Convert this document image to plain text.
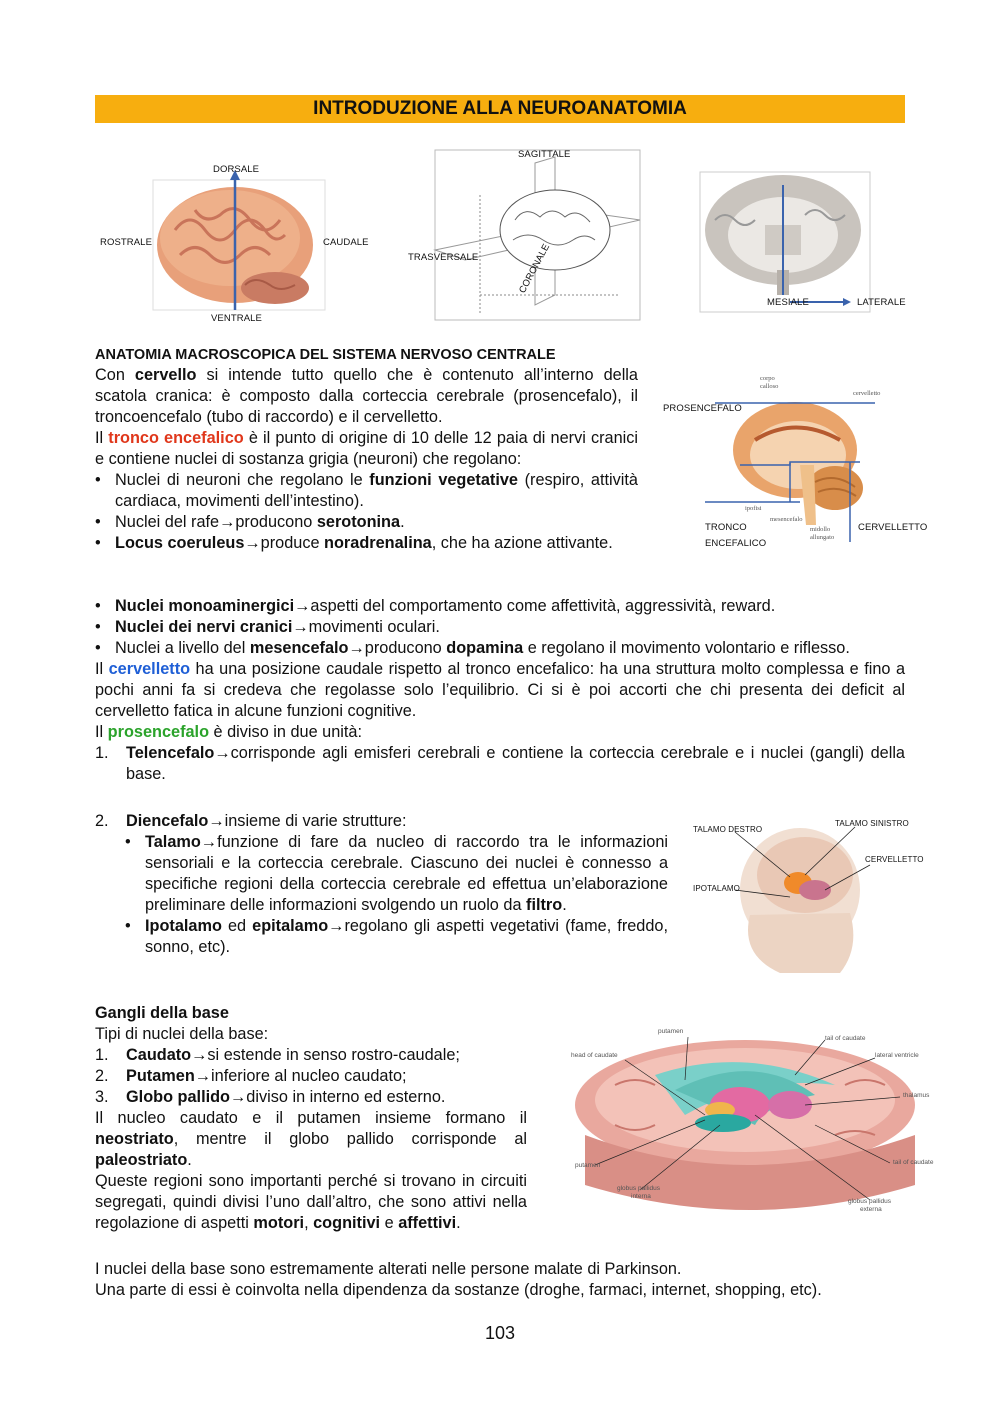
INTRODUZIONE ALLA NEUROANATOMIA
DORSALE
ROSTRALE	CAUDALE
VENTRALE
SAGITTALE
TRASVERSALE	CORONALE
MESIALE	LATERALE
ANATOMIA MACROSCOPICA DEL SISTEMA NERVOSO CENTRALE
Con cervello si intende tutto quello che è contenuto all’interno della scatola cranica: è composto dalla corteccia cerebrale (prosencefalo), il troncoencefalo (tubo di raccordo) e il cervelletto.
Il tronco encefalico è il punto di origine di 10 delle 12 paia di nervi cranici e contiene nuclei di sostanza grigia (neuroni) che regolano:
• Nuclei di neuroni che regolano le funzioni vegetative (respiro, attività cardiaca, movimenti dell’intestino).
• Nuclei del rafe→producono serotonina.
• Locus coeruleus→produce noradrenalina, che ha azione attivante.
PROSENCEFALO
TRONCO
ENCEFALICO
CERVELLETTO
corpo
calloso
cervelletto
ipofisi
mesencefalo
midollo
allungato
• Nuclei monoaminergici→aspetti del comportamento come affettività, aggressività, reward.
• Nuclei dei nervi cranici→movimenti oculari.
• Nuclei a livello del mesencefalo→producono dopamina e regolano il movimento volontario e riflesso.
Il cervelletto ha una posizione caudale rispetto al tronco encefalico: ha una struttura molto complessa e fino a pochi anni fa si credeva che regolasse solo l’equilibrio. Ci si è poi accorti che chi presenta dei deficit al cervelletto fatica in alcune funzioni cognitive.
Il prosencefalo è diviso in due unità:
1. Telencefalo→corrisponde agli emisferi cerebrali e contiene la corteccia cerebrale e i nuclei (gangli) della base.
2. Diencefalo→insieme di varie strutture:
• Talamo→funzione di fare da nucleo di raccordo tra le informazioni sensoriali e la corteccia cerebrale. Ciascuno dei nuclei è connesso a specifiche regioni della corteccia cerebrale ed effettua un’elaborazione preliminare delle informazioni svolgendo un ruolo da filtro.
• Ipotalamo ed epitalamo→regolano gli aspetti vegetativi (fame, freddo, sonno, etc).
TALAMO DESTRO
TALAMO SINISTRO
CERVELLETTO
IPOTALAMO
Gangli della base
Tipi di nuclei della base:
1. Caudato→si estende in senso rostro-caudale;
2. Putamen→inferiore al nucleo caudato;
3. Globo pallido→diviso in interno ed esterno.
Il nucleo caudato e il putamen insieme formano il neostriato, mentre il globo pallido corrisponde al paleostriato.
Queste regioni sono importanti perché si trovano in circuiti segregati, quindi divisi l’uno dall’altro, che sono attivi nella regolazione di aspetti motori, cognitivi e affettivi.
I nuclei della base sono estremamente alterati nelle persone malate di Parkinson.
Una parte di essi è coinvolta nella dipendenza da sostanze (droghe, farmaci, internet, shopping, etc).
putamen
tail of caudate
head of caudate	lateral ventricle
thalamus
tail of caudate
putamen
globus pallidus
interna
globus pallidus
externa
103
